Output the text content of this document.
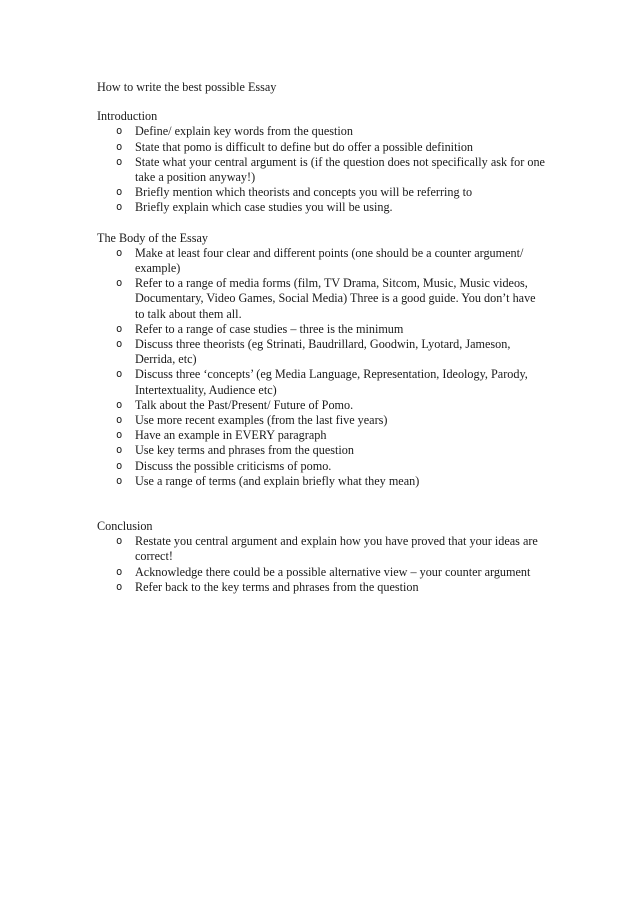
How to write the best possible Essay
Introduction
o Define/ explain key words from the question
o State that pomo is difficult to define but do offer a possible definition
o State what your central argument is (if the question does not specifically ask for one take a position anyway!)
o Briefly mention which theorists and concepts you will be referring to
o Briefly explain which case studies you will be using.
The Body of the Essay
o Make at least four clear and different points (one should be a counter argument/ example)
o Refer to a range of media forms (film, TV Drama, Sitcom, Music, Music videos, Documentary, Video Games, Social Media) Three is a good guide. You don’t have to talk about them all.
o Refer to a range of case studies – three is the minimum
o Discuss three theorists (eg Strinati, Baudrillard, Goodwin, Lyotard, Jameson, Derrida, etc)
o Discuss three ‘concepts’ (eg Media Language, Representation, Ideology, Parody, Intertextuality, Audience etc)
o Talk about the Past/Present/ Future of Pomo.
o Use more recent examples (from the last five years)
o Have an example in EVERY paragraph
o Use key terms and phrases from the question
o Discuss the possible criticisms of pomo.
o Use a range of terms (and explain briefly what they mean)
Conclusion
o Restate you central argument and explain how you have proved that your ideas are correct!
o Acknowledge there could be a possible alternative view – your counter argument
o Refer back to the key terms and phrases from the question
